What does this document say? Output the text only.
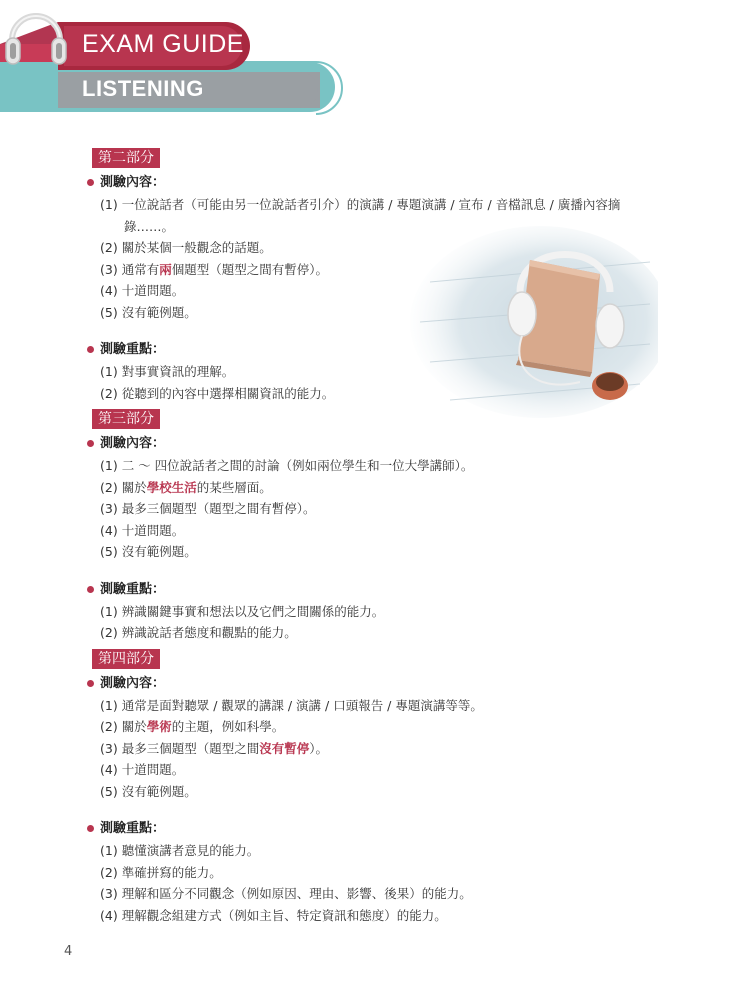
EXAM GUIDE
LISTENING
第二部分
測驗內容：
(1) 一位說話者（可能由另一位說話者引介）的演講 / 專題演講 / 宣布 / 音檔訊息 / 廣播內容摘
錄……。
(2) 關於某個一般觀念的話題。
(3) 通常有兩個題型（題型之間有暫停）。
(4) 十道問題。
(5) 沒有範例題。
測驗重點：
(1) 對事實資訊的理解。
(2) 從聽到的內容中選擇相關資訊的能力。
第三部分
測驗內容：
(1) 二 〜 四位說話者之間的討論（例如兩位學生和一位大學講師）。
(2) 關於學校生活的某些層面。
(3) 最多三個題型（題型之間有暫停）。
(4) 十道問題。
(5) 沒有範例題。
測驗重點：
(1) 辨識關鍵事實和想法以及它們之間關係的能力。
(2) 辨識說話者態度和觀點的能力。
第四部分
測驗內容：
(1) 通常是面對聽眾 / 觀眾的講課 / 演講 / 口頭報告 / 專題演講等等。
(2) 關於學術的主題，例如科學。
(3) 最多三個題型（題型之間沒有暫停）。
(4) 十道問題。
(5) 沒有範例題。
測驗重點：
(1) 聽懂演講者意見的能力。
(2) 準確拼寫的能力。
(3) 理解和區分不同觀念（例如原因、理由、影響、後果）的能力。
(4) 理解觀念組建方式（例如主旨、特定資訊和態度）的能力。
4
